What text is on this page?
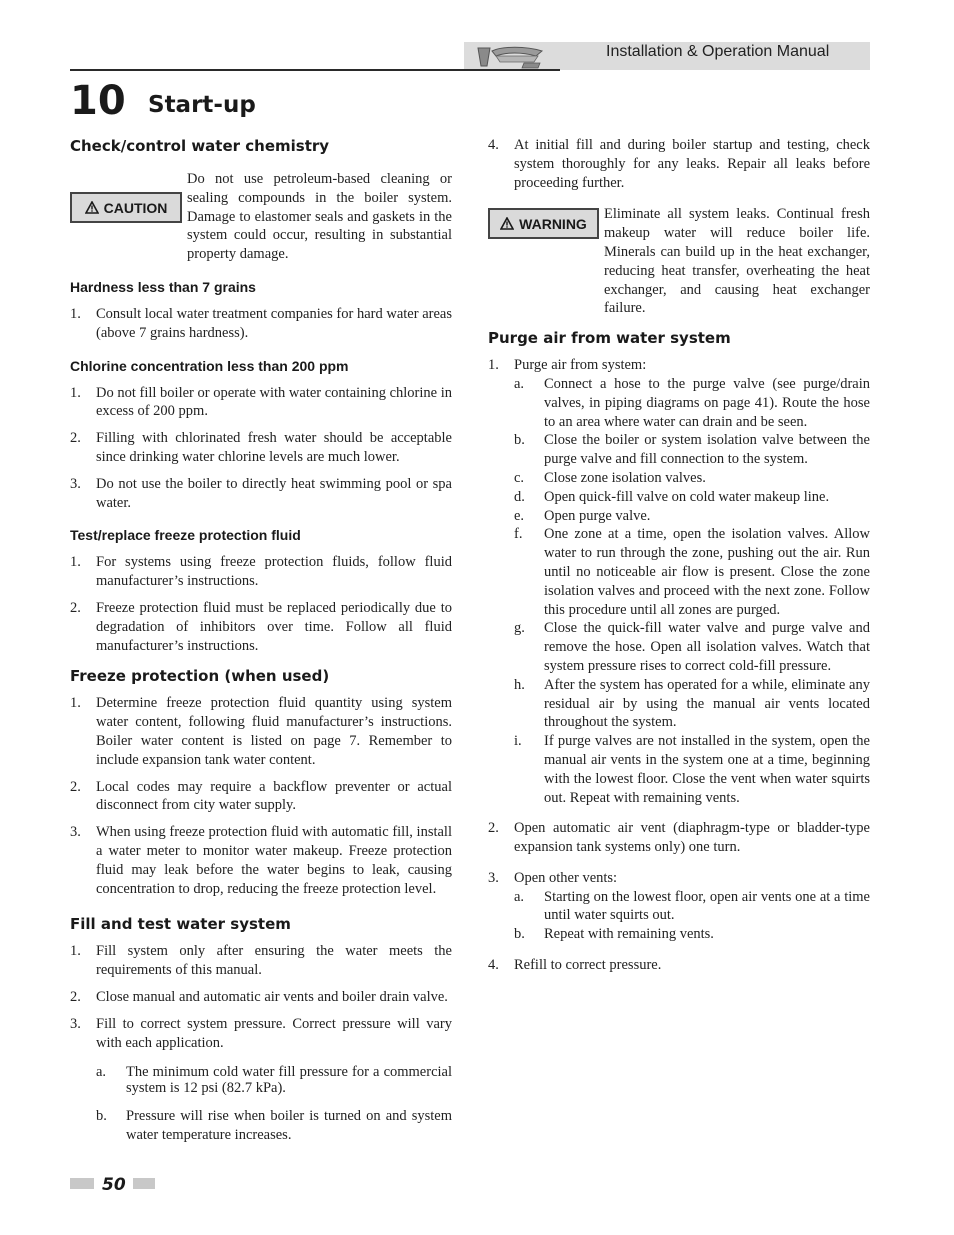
Installation & Operation Manual
10 Start-up
Check/control water chemistry
CAUTION
Do not use petroleum-based cleaning or sealing compounds in the boiler system. Damage to elastomer seals and gaskets in the system could occur, resulting in substantial property damage.
Hardness less than 7 grains
1.	Consult local water treatment companies for hard water areas (above 7 grains hardness).
Chlorine concentration less than 200 ppm
1.	Do not fill boiler or operate with water containing chlorine in excess of 200 ppm.
2.	Filling with chlorinated fresh water should be acceptable since drinking water chlorine levels are much lower.
3.	Do not use the boiler to directly heat swimming pool or spa water.
Test/replace freeze protection fluid
1.	For systems using freeze protection fluids, follow fluid manufacturer’s instructions.
2.	Freeze protection fluid must be replaced periodically due to degradation of inhibitors over time. Follow all fluid manufacturer’s instructions.
Freeze protection (when used)
1.	Determine freeze protection fluid quantity using system water content, following fluid manufacturer’s instructions. Boiler water content is listed on page 7. Remember to include expansion tank water content.
2.	Local codes may require a backflow preventer or actual disconnect from city water supply.
3.	When using freeze protection fluid with automatic fill, install a water meter to monitor water makeup. Freeze protection fluid may leak before the water begins to leak, causing concentration to drop, reducing the freeze protection level.
Fill and test water system
1.	Fill system only after ensuring the water meets the requirements of this manual.
2.	Close manual and automatic air vents and boiler drain valve.
3.	Fill to correct system pressure. Correct pressure will vary with each application.
a.	The minimum cold water fill pressure for a commercial system is 12 psi (82.7 kPa).
b.	Pressure will rise when boiler is turned on and system water temperature increases.
4.	At initial fill and during boiler startup and testing, check system thoroughly for any leaks. Repair all leaks before proceeding further.
WARNING
Eliminate all system leaks. Continual fresh makeup water will reduce boiler life. Minerals can build up in the heat exchanger, reducing heat transfer, overheating the heat exchanger, and causing heat exchanger failure.
Purge air from water system
1.	Purge air from system:
a.	Connect a hose to the purge valve (see purge/drain valves, in piping diagrams on page 41). Route the hose to an area where water can drain and be seen.
b.	Close the boiler or system isolation valve between the purge valve and fill connection to the system.
c.	Close zone isolation valves.
d.	Open quick-fill valve on cold water makeup line.
e.	Open purge valve.
f.	One zone at a time, open the isolation valves. Allow water to run through the zone, pushing out the air. Run until no noticeable air flow is present. Close the zone isolation valves and proceed with the next zone. Follow this procedure until all zones are purged.
g.	Close the quick-fill water valve and purge valve and remove the hose. Open all isolation valves. Watch that system pressure rises to correct cold-fill pressure.
h.	After the system has operated for a while, eliminate any residual air by using the manual air vents located throughout the system.
i.	If purge valves are not installed in the system, open the manual air vents in the system one at a time, beginning with the lowest floor. Close the vent when water squirts out. Repeat with remaining vents.
2.	Open automatic air vent (diaphragm-type or bladder-type expansion tank systems only) one turn.
3.	Open other vents:
a.	Starting on the lowest floor, open air vents one at a time until water squirts out.
b.	Repeat with remaining vents.
4.	Refill to correct pressure.
50
